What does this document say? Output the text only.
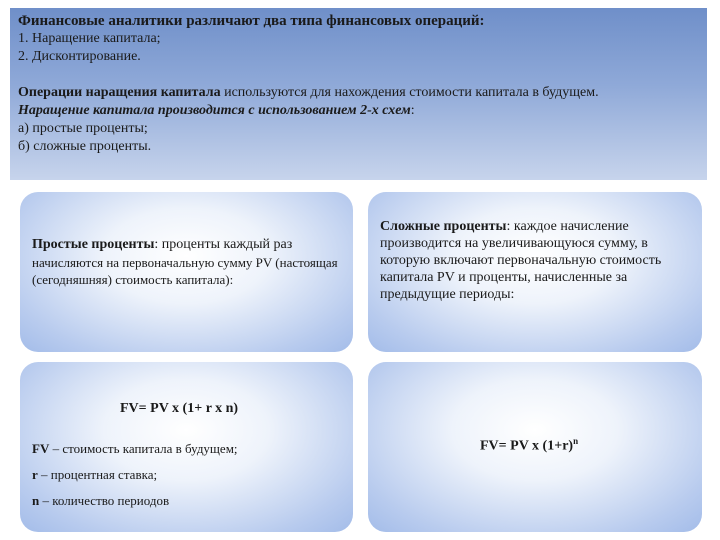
Финансовые аналитики различают два типа финансовых операций:
1. Наращение капитала;
2. Дисконтирование.
Операции наращения капитала используются для нахождения стоимости капитала в будущем.
Наращение капитала производится с использованием 2-х схем:
а) простые проценты;
б) сложные проценты.
Простые проценты: проценты каждый раз
начисляются на первоначальную сумму PV (настоящая (сегодняшняя) стоимость капитала):
Сложные проценты: каждое начисление производится на увеличивающуюся сумму, в которую включают первоначальную стоимость капитала PV и проценты, начисленные за предыдущие периоды:
FV= PV x (1+ r x n)
FV – стоимость капитала в будущем;
r – процентная ставка;
n – количество периодов
FV= PV x $(1+r)^n$
